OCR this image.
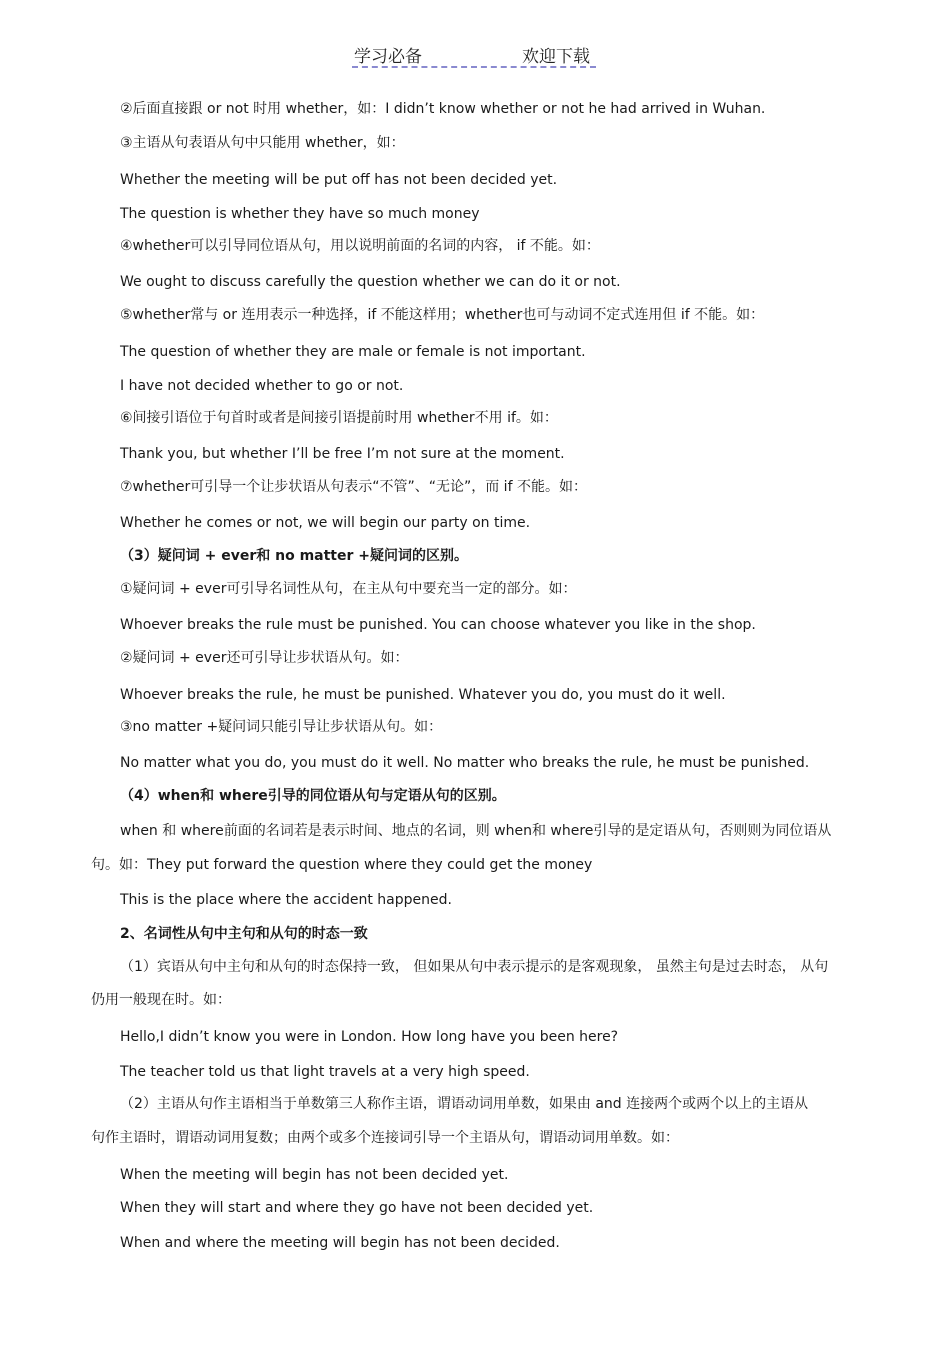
学习必备	欢迎下载
②后面直接跟 or not 时用 whether，如：I didn’t know whether or not he had arrived in Wuhan.
③主语从句表语从句中只能用 whether，如：
Whether the meeting will be put off has not been decided yet.
The question is whether they have so much money
④whether可以引导同位语从句，用以说明前面的名词的内容， if 不能。如：
We ought to discuss carefully the question whether we can do it or not.
⑤whether常与 or 连用表示一种选择，if 不能这样用；whether也可与动词不定式连用但 if 不能。如：
The question of whether they are male or female is not important.
I have not decided whether to go or not.
⑥间接引语位于句首时或者是间接引语提前时用 whether不用 if。如：
Thank you, but whether I’ll be free I’m not sure at the moment.
⑦whether可引导一个让步状语从句表示“不管”、“无论”，而 if 不能。如：
Whether he comes or not, we will begin our party on time.
（3）疑问词 + ever和 no matter +疑问词的区别。
①疑问词 + ever可引导名词性从句，在主从句中要充当一定的部分。如：
Whoever breaks the rule must be punished. You can choose whatever you like in the shop.
②疑问词 + ever还可引导让步状语从句。如：
Whoever breaks the rule, he must be punished. Whatever you do, you must do it well.
③no matter +疑问词只能引导让步状语从句。如：
No matter what you do, you must do it well. No matter who breaks the rule, he must be punished.
（4）when和 where引导的同位语从句与定语从句的区别。
when 和 where前面的名词若是表示时间、地点的名词，则 when和 where引导的是定语从句，否则则为同位语从
句。如：They put forward the question where they could get the money
This is the place where the accident happened.
2、名词性从句中主句和从句的时态一致
（1）宾语从句中主句和从句的时态保持一致， 但如果从句中表示提示的是客观现象， 虽然主句是过去时态， 从句
仍用一般现在时。如：
Hello,I didn’t know you were in London. How long have you been here?
The teacher told us that light travels at a very high speed.
（2）主语从句作主语相当于单数第三人称作主语，谓语动词用单数，如果由 and 连接两个或两个以上的主语从
句作主语时，谓语动词用复数；由两个或多个连接词引导一个主语从句，谓语动词用单数。如：
When the meeting will begin has not been decided yet.
When they will start and where they go have not been decided yet.
When and where the meeting will begin has not been decided.
